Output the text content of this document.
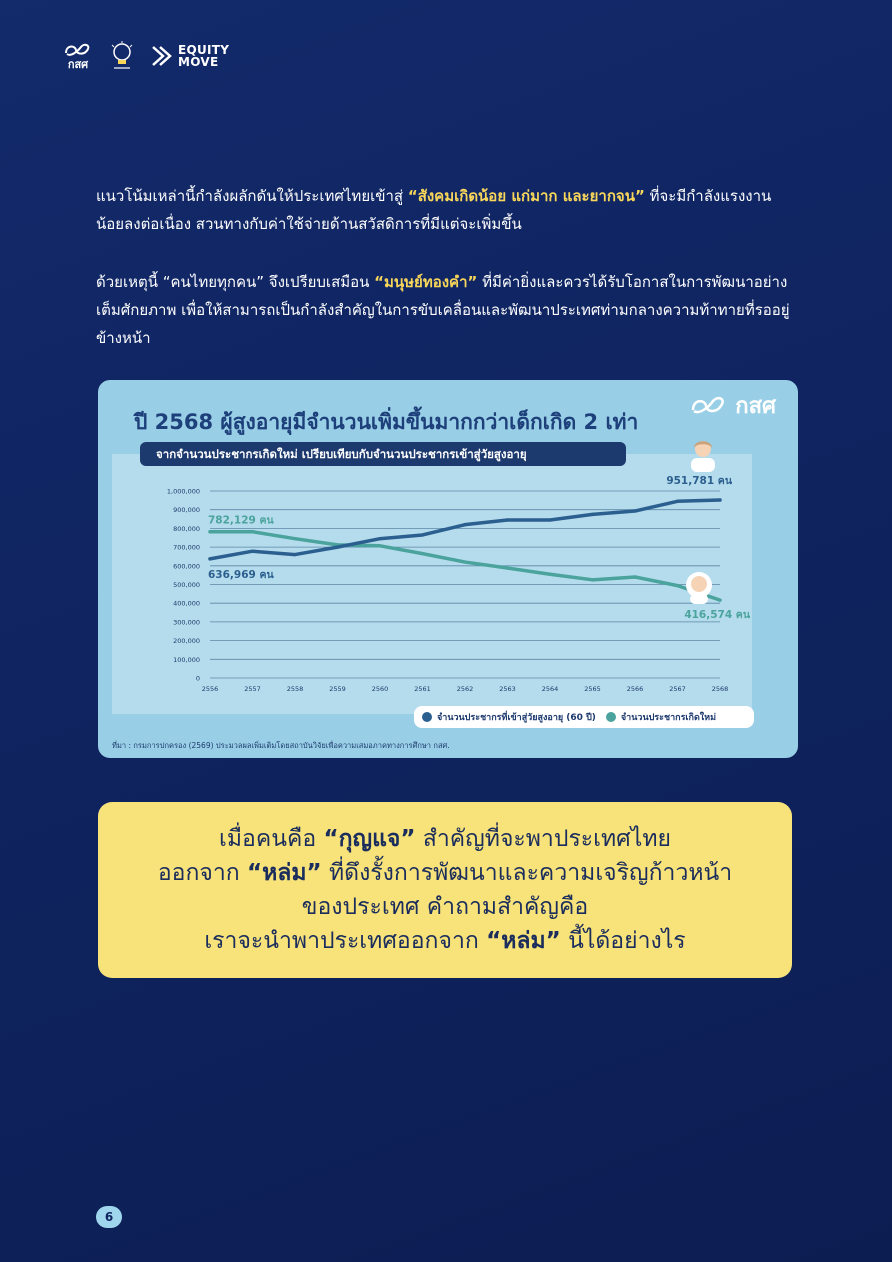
กสศ
EQUITY
MOVE

แนวโน้มเหล่านี้กำลังผลักดันให้ประเทศไทยเข้าสู่ “สังคมเกิดน้อย แก่มาก และยากจน” ที่จะมีกำลังแรงงานน้อยลงต่อเนื่อง สวนทางกับค่าใช้จ่ายด้านสวัสดิการที่มีแต่จะเพิ่มขึ้น

ด้วยเหตุนี้ “คนไทยทุกคน” จึงเปรียบเสมือน “มนุษย์ทองคำ” ที่มีค่ายิ่งและควรได้รับโอกาสในการพัฒนาอย่างเต็มศักยภาพ เพื่อให้สามารถเป็นกำลังสำคัญในการขับเคลื่อนและพัฒนาประเทศท่ามกลางความท้าทายที่รออยู่ข้างหน้า

ปี 2568 ผู้สูงอายุมีจำนวนเพิ่มขึ้นมากกว่าเด็กเกิด 2 เท่า
กสศ
จากจำนวนประชากรเกิดใหม่ เปรียบเทียบกับจำนวนประชากรเข้าสู่วัยสูงอายุ
0
100,000
200,000
300,000
400,000
500,000
600,000
700,000
800,000
900,000
1,000,000
2556	2557	2558	2559	2560	2561	2562	2563	2564	2565	2566	2567	2568
782,129 คน
636,969 คน
951,781 คน
416,574 คน
จำนวนประชากรที่เข้าสู่วัยสูงอายุ (60 ปี)	จำนวนประชากรเกิดใหม่
ที่มา : กรมการปกครอง (2569) ประมวลผลเพิ่มเติมโดยสถาบันวิจัยเพื่อความเสมอภาคทางการศึกษา กสศ.
เมื่อคนคือ “กุญแจ” สำคัญที่จะพาประเทศไทย
ออกจาก “หล่ม” ที่ดึงรั้งการพัฒนาและความเจริญก้าวหน้า
ของประเทศ คำถามสำคัญคือ
เราจะนำพาประเทศออกจาก “หล่ม” นี้ได้อย่างไร
6
